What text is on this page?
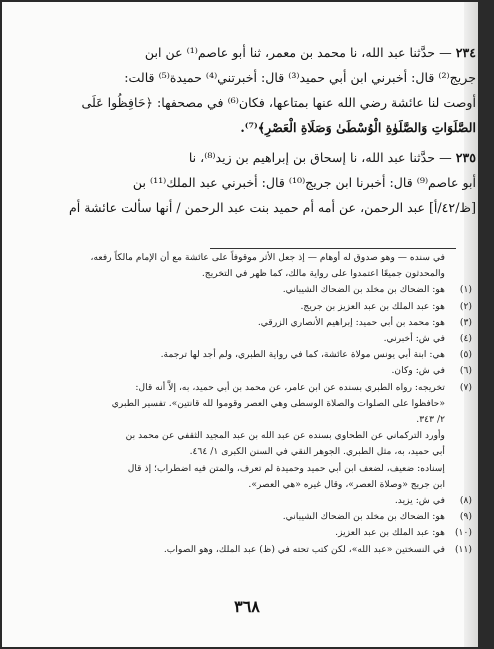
٢٣٤ — حدَّثنا عبد الله، نا محمد بن معمر، ثنا أبو عاصم⁽¹⁾ عن ابن

جريج⁽²⁾ قال: أخبرني ابن أبي حميد⁽³⁾ قال: أخبرتني⁽⁴⁾ حميدة⁽⁵⁾ قالت:

أوصت لنا عائشة رضي الله عنها بمتاعها، فكان⁽⁶⁾ في مصحفها: ﴿حَافِظُوا عَلَى

الصَّلَوَاتِ وَالصَّلَوٰةِ الْوُسْطَىٰ وَصَلَاةِ الْعَصْرِ﴾⁽⁷⁾.

٢٣٥ — حدَّثنا عبد الله، نا إسحاق بن إبراهيم بن زيد⁽⁸⁾، نا

أبو عاصم⁽⁹⁾ قال: أخبرنا ابن جريج⁽¹⁰⁾ قال: أخبرني عبد الملك⁽¹¹⁾ بن

[ظ/٤٢/أ] عبد الرحمن، عن أمه أم حميد بنت عبد الرحمن / أنها سألت عائشة أم

في سنده — وهو صدوق له أوهام — إذ جعل الأثر موقوفاً على عائشة مع أن الإمام مالكاً رفعه،

والمحدثون جميعًا اعتمدوا على رواية مالك، كما ظهر في التخريج.

(١)
هو: الضحاك بن مخلد بن الضحاك الشيباني.
(٢)
هو: عبد الملك بن عبد العزيز بن جريج.
(٣)
هو: محمد بن أبي حميد: إبراهيم الأنصاري الزرقي.
(٤)
في ش: أخبرني.
(٥)
هي: ابنة أبي يونس مولاة عائشة، كما في رواية الطبري، ولم أجد لها ترجمة.
(٦)
في ش: وكان.
(٧)
تخريجه: رواه الطبري بسنده عن ابن عامر، عن محمد بن أبي حميد، به، إلاَّ أنه قال:

«حافظوا على الصلوات والصلاة الوسطى وهي العصر وقوموا لله قانتين». تفسير الطبري

٢/ ٣٤٣.

وأورد التركماني عن الطحاوي بسنده عن عبد الله بن عبد المجيد الثقفي عن محمد بن

أبي حميد، به، مثل الطبري. الجوهر النقي في السنن الكبرى ١/ ٤٦٤.

إسناده: ضعيف، لضعف ابن أبي حميد وحميدة لم تعرف، والمتن فيه اضطراب؛ إذ قال

ابن جريج «وصلاة العصر»، وقال غيره «هي العصر».

(٨)
في ش: يزيد.
(٩)
هو: الضحاك بن مخلد بن الضحاك الشيباني.
(١٠)
هو: عبد الملك بن عبد العزيز.
(١١)
في النسختين «عبد الله»، لكن كتب تحته في (ظ) عبد الملك، وهو الصواب.
٣٦٨
